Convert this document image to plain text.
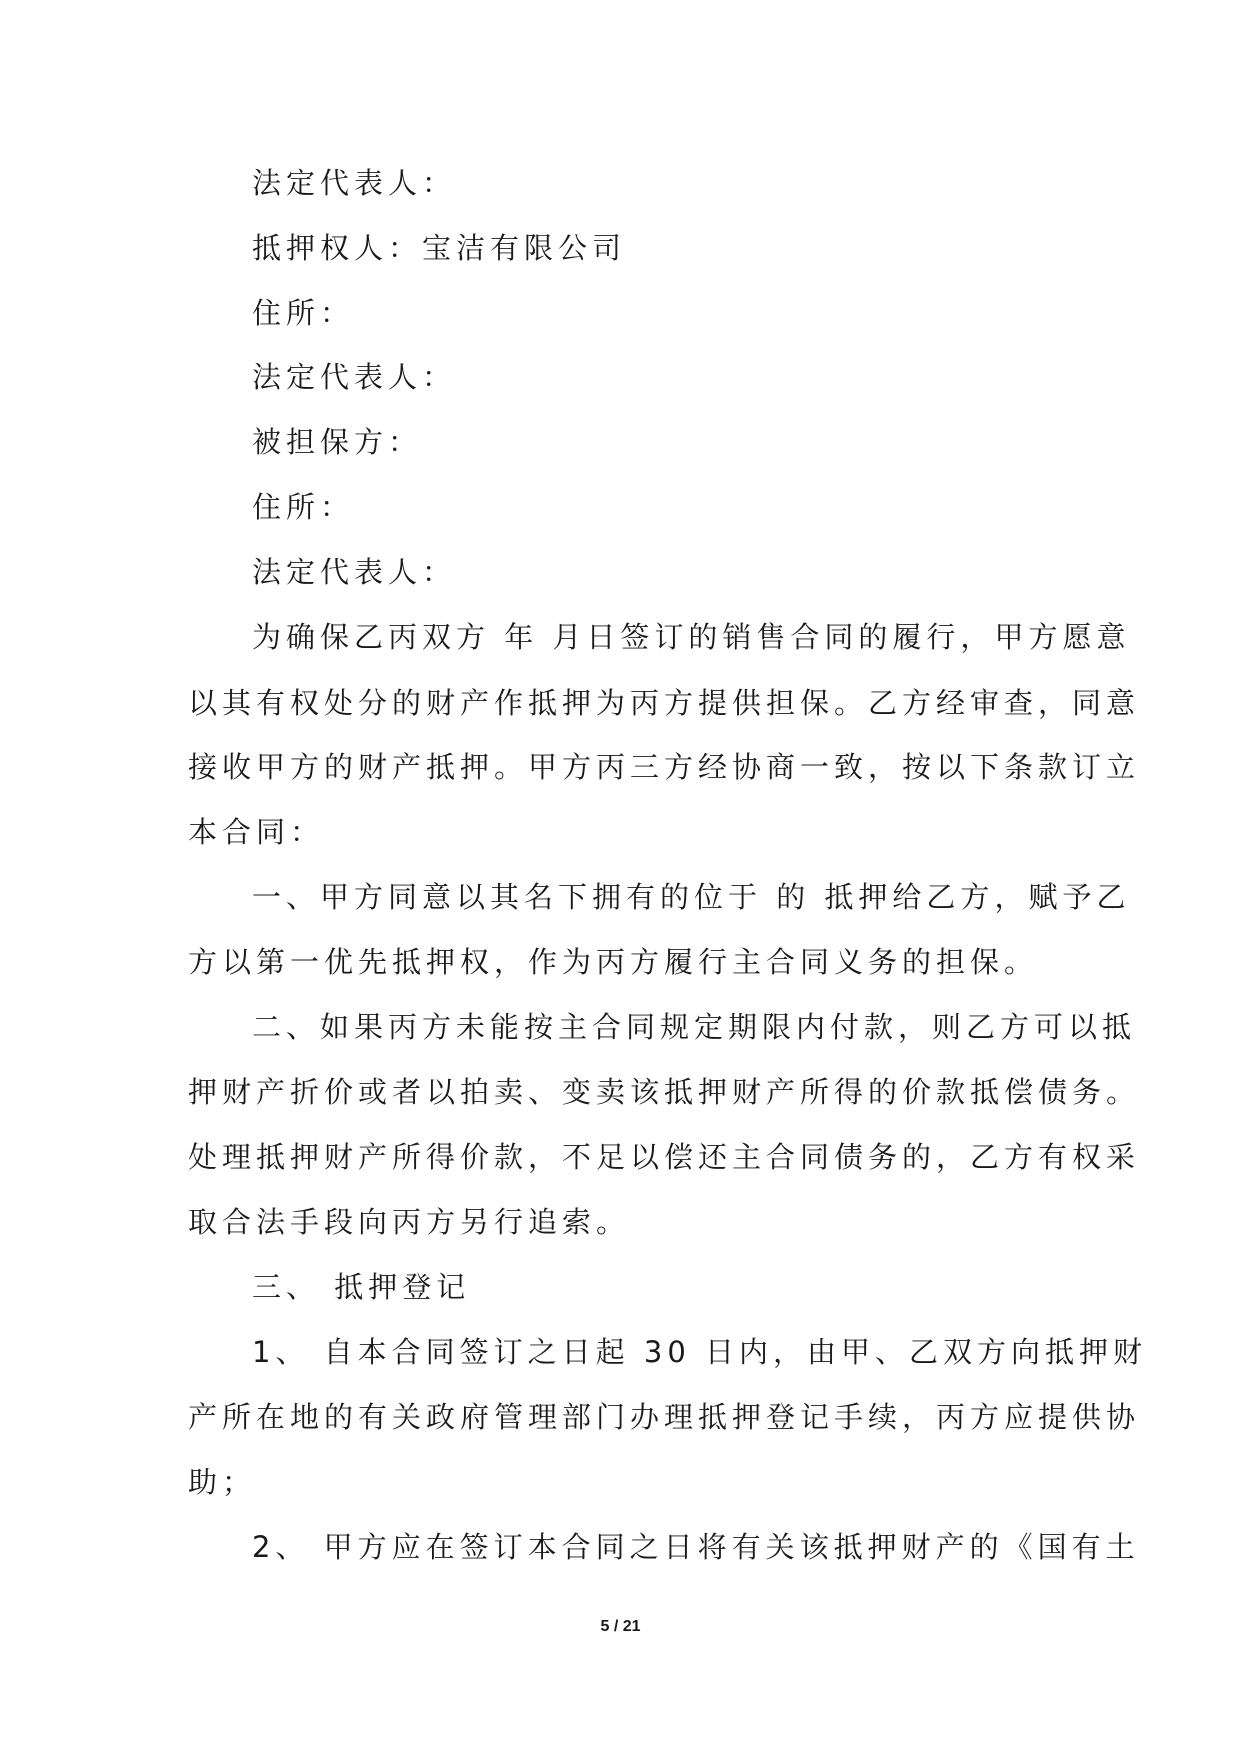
法定代表人：
抵押权人：宝洁有限公司
住所：
法定代表人：
被担保方：
住所：
法定代表人：
为确保乙丙双方 年 月日签订的销售合同的履行，甲方愿意
以其有权处分的财产作抵押为丙方提供担保。乙方经审查，同意
接收甲方的财产抵押。甲方丙三方经协商一致，按以下条款订立
本合同：
一、甲方同意以其名下拥有的位于 的 抵押给乙方，赋予乙
方以第一优先抵押权，作为丙方履行主合同义务的担保。
二、如果丙方未能按主合同规定期限内付款，则乙方可以抵
押财产折价或者以拍卖、变卖该抵押财产所得的价款抵偿债务。
处理抵押财产所得价款，不足以偿还主合同债务的，乙方有权采
取合法手段向丙方另行追索。
三、 抵押登记
1、 自本合同签订之日起 30 日内，由甲、乙双方向抵押财
产所在地的有关政府管理部门办理抵押登记手续，丙方应提供协
助；
2、 甲方应在签订本合同之日将有关该抵押财产的《国有土
5 / 21
